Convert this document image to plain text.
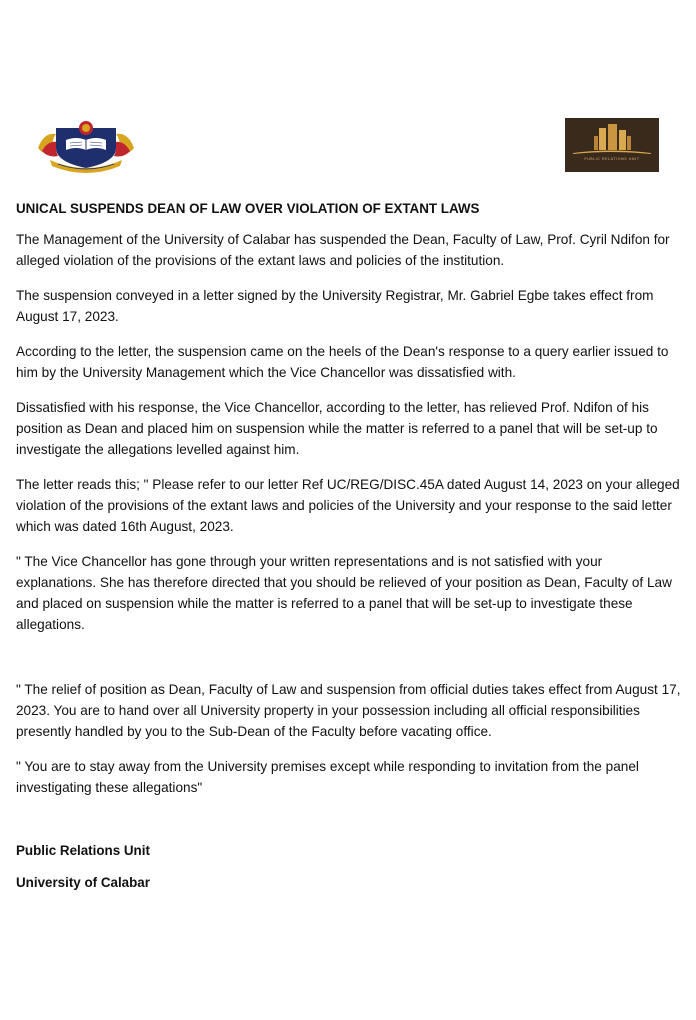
PUBLIC RELATIONS UNIT
UNICAL SUSPENDS DEAN OF LAW OVER VIOLATION OF EXTANT LAWS

The Management of the University of Calabar has suspended the Dean, Faculty of Law, Prof. Cyril Ndifon for alleged violation of the provisions of the extant laws and policies of the institution.

The suspension conveyed in a letter signed by the University Registrar, Mr. Gabriel Egbe takes effect from August 17, 2023.

According to the letter, the suspension came on the heels of the Dean's response to a query earlier issued to him by the University Management which the Vice Chancellor was dissatisfied with.

Dissatisfied with his response, the Vice Chancellor, according to the letter, has relieved Prof. Ndifon of his position as Dean and placed him on suspension while the matter is referred to a panel that will be set-up to investigate the allegations levelled against him.

The letter reads this; " Please refer to our letter Ref UC/REG/DISC.45A dated August 14, 2023 on your alleged violation of the provisions of the extant laws and policies of the University and your response to the said letter which was dated 16th August, 2023.

" The Vice Chancellor has gone through your written representations and is not satisfied with your explanations. She has therefore directed that you should be relieved of your position as Dean, Faculty of Law and placed on suspension while the matter is referred to a panel that will be set-up to investigate these allegations.

" The relief of position as Dean, Faculty of Law and suspension from official duties takes effect from August 17, 2023. You are to hand over all University property in your possession including all official responsibilities presently handled by you to the Sub-Dean of the Faculty before vacating office.

" You are to stay away from the University premises except while responding to invitation from the panel investigating these allegations"

Public Relations Unit

University of Calabar
